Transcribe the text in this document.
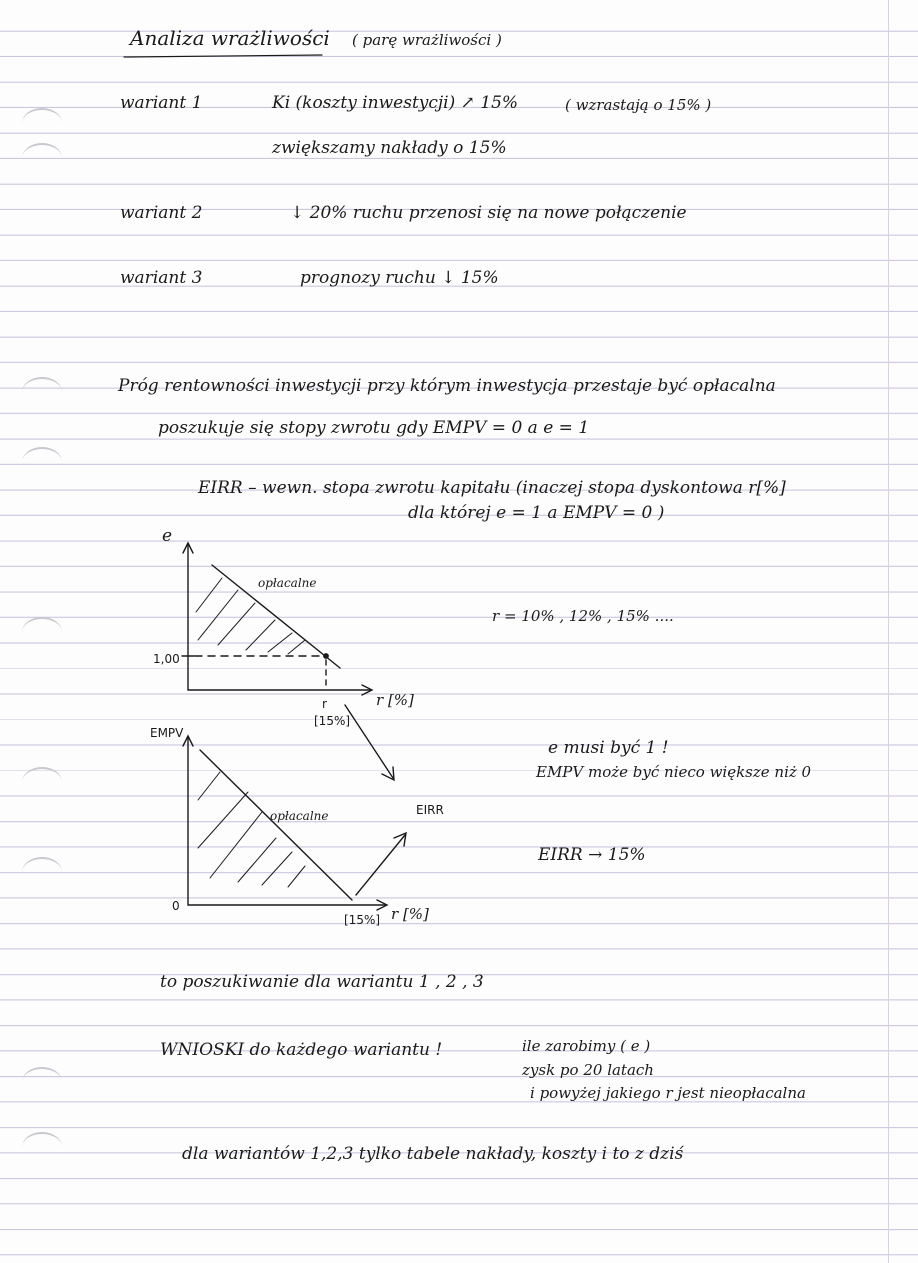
Analiza wrażliwości ( parę wrażliwości )
wariant 1	Ki (koszty inwestycji) ↗ 15%	( wzrastają o 15% )
zwiększamy nakłady o 15%
wariant 2	↓ 20% ruchu przenosi się na nowe połączenie
wariant 3	prognozy ruchu ↓ 15%
Próg rentowności inwestycji przy którym inwestycja przestaje być opłacalna
poszukuje się stopy zwrotu gdy EMPV = 0 a e = 1
EIRR – wewn. stopa zwrotu kapitału (inaczej stopa dyskontowa r[%]
dla której e = 1 a EMPV = 0 )
e
r [%]
1,00
r
[15%]
opłacalne
r = 10% , 12% , 15% ....
EMPV
r [%]
0
[15%]
opłacalne	EIRR
e musi być 1 !
EMPV może być nieco większe niż 0
EIRR → 15%
to poszukiwanie dla wariantu 1 , 2 , 3
WNIOSKI do każdego wariantu !	ile zarobimy ( e )
zysk po 20 latach
i powyżej jakiego r jest nieopłacalna
dla wariantów 1,2,3 tylko tabele nakłady, koszty i to z dziś
